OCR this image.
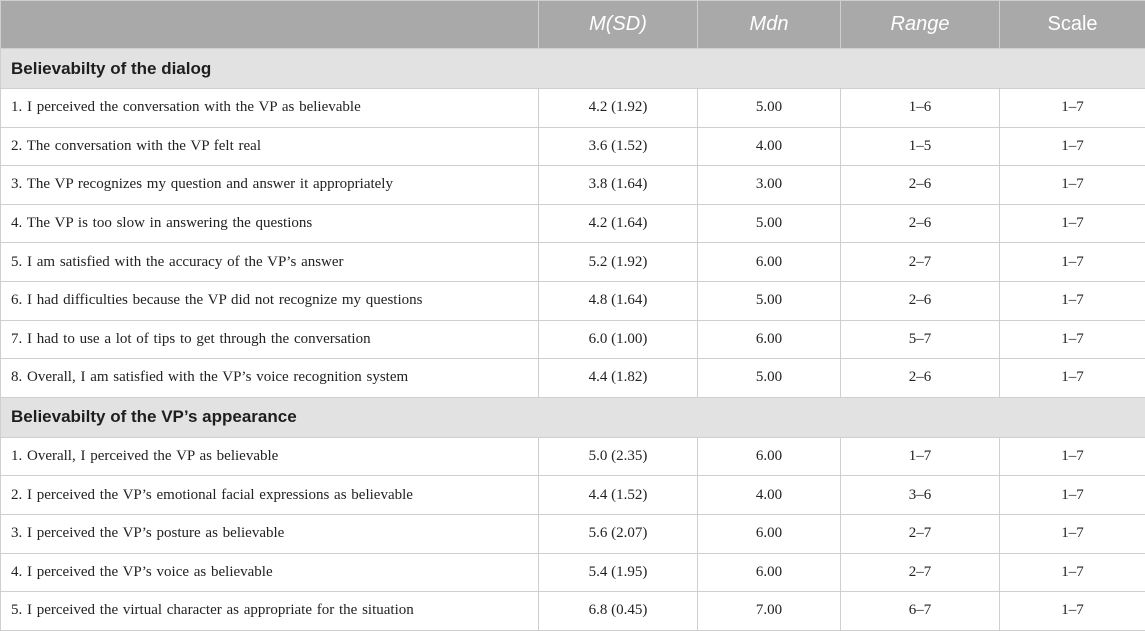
	M(SD)	Mdn	Range	Scale
Believabilty of the dialog				
1. I perceived the conversation with the VP as believable	4.2 (1.92)	5.00	1–6	1–7
2. The conversation with the VP felt real	3.6 (1.52)	4.00	1–5	1–7
3. The VP recognizes my question and answer it appropriately	3.8 (1.64)	3.00	2–6	1–7
4. The VP is too slow in answering the questions	4.2 (1.64)	5.00	2–6	1–7
5. I am satisfied with the accuracy of the VP’s answer	5.2 (1.92)	6.00	2–7	1–7
6. I had difficulties because the VP did not recognize my questions	4.8 (1.64)	5.00	2–6	1–7
7. I had to use a lot of tips to get through the conversation	6.0 (1.00)	6.00	5–7	1–7
8. Overall, I am satisfied with the VP’s voice recognition system	4.4 (1.82)	5.00	2–6	1–7
Believabilty of the VP’s appearance				
1. Overall, I perceived the VP as believable	5.0 (2.35)	6.00	1–7	1–7
2. I perceived the VP’s emotional facial expressions as believable	4.4 (1.52)	4.00	3–6	1–7
3. I perceived the VP’s posture as believable	5.6 (2.07)	6.00	2–7	1–7
4. I perceived the VP’s voice as believable	5.4 (1.95)	6.00	2–7	1–7
5. I perceived the virtual character as appropriate for the situation	6.8 (0.45)	7.00	6–7	1–7
